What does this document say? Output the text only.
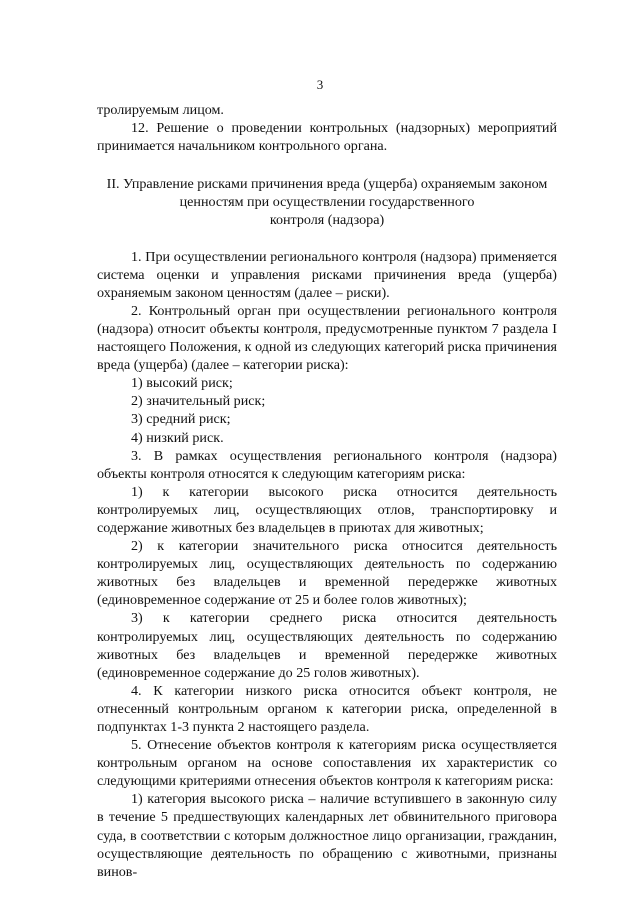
3

тролируемым лицом.

12. Решение о проведении контрольных (надзорных) мероприятий принимается начальником контрольного органа.

II. Управление рисками причинения вреда (ущерба) охраняемым законом

ценностям при осуществлении государственного

контроля (надзора)

1. При осуществлении регионального контроля (надзора) применяется система оценки и управления рисками причинения вреда (ущерба) охраняемым законом ценностям (далее – риски).

2. Контрольный орган при осуществлении регионального контроля (надзора) относит объекты контроля, предусмотренные пунктом 7 раздела I настоящего Положения, к одной из следующих категорий риска причинения вреда (ущерба) (далее – категории риска):

1) высокий риск;

2) значительный риск;

3) средний риск;

4) низкий риск.

3. В рамках осуществления регионального контроля (надзора) объекты контроля относятся к следующим категориям риска:

1) к категории высокого риска относится деятельность контролируемых лиц, осуществляющих отлов, транспортировку и содержание животных без владельцев в приютах для животных;

2) к категории значительного риска относится деятельность контролируемых лиц, осуществляющих деятельность по содержанию животных без владельцев и временной передержке животных (единовременное содержание от 25 и более голов животных);

3) к категории среднего риска относится деятельность контролируемых лиц, осуществляющих деятельность по содержанию животных без владельцев и временной передержке животных (единовременное содержание до 25 голов животных).

4. К категории низкого риска относится объект контроля, не отнесенный контрольным органом к категории риска, определенной в подпунктах 1-3 пункта 2 настоящего раздела.

5. Отнесение объектов контроля к категориям риска осуществляется контрольным органом на основе сопоставления их характеристик со следующими критериями отнесения объектов контроля к категориям риска:

1) категория высокого риска – наличие вступившего в законную силу в течение 5 предшествующих календарных лет обвинительного приговора суда, в соответствии с которым должностное лицо организации, гражданин, осуществляющие деятельность по обращению с животными, признаны винов-
